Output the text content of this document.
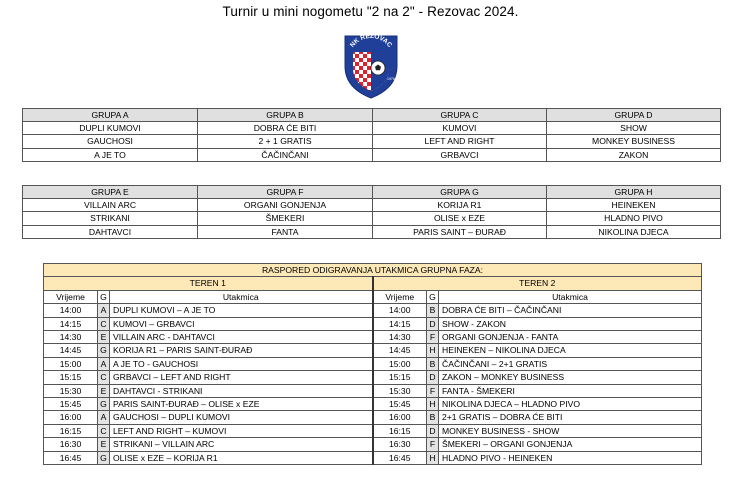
Turnir u mini nogometu "2 na 2" - Rezovac 2024.
NK REZOVAC
1976
GRUPA A	GRUPA B	GRUPA C	GRUPA D
DUPLI KUMOVI	DOBRA ĆE BITI	KUMOVI	SHOW
GAUCHOSI	2 + 1 GRATIS	LEFT AND RIGHT	MONKEY BUSINESS
A JE TO	ČAČINČANI	GRBAVCI	ZAKON
GRUPA E	GRUPA F	GRUPA G	GRUPA H
VILLAIN ARC	ORGANI GONJENJA	KORIJA R1	HEINEKEN
STRIKANI	ŠMEKERI	OLISE x EZE	HLADNO PIVO
DAHTAVCI	FANTA	PARIS SAINT – ĐURAĐ	NIKOLINA DJECA
RASPORED ODIGRAVANJA UTAKMICA GRUPNA FAZA:					
TEREN 1			TEREN 2		
Vrijeme	G	Utakmica	Vrijeme	G	Utakmica
14:00	A	DUPLI KUMOVI – A JE TO	14:00	B	DOBRA ĆE BITI – ČAČINČANI
14:15	C	KUMOVI – GRBAVCI	14:15	D	SHOW - ZAKON
14:30	E	VILLAIN ARC - DAHTAVCI	14:30	F	ORGANI GONJENJA - FANTA
14:45	G	KORIJA R1 – PARIS SAINT-ĐURAĐ	14:45	H	HEINEKEN – NIKOLINA DJECA
15:00	A	A JE TO - GAUCHOSI	15:00	B	ČAČINČANI – 2+1 GRATIS
15:15	C	GRBAVCI – LEFT AND RIGHT	15:15	D	ZAKON – MONKEY BUSINESS
15:30	E	DAHTAVCI - STRIKANI	15:30	F	FANTA - ŠMEKERI
15:45	G	PARIS SAINT-ĐURAĐ – OLISE x EZE	15:45	H	NIKOLINA DJECA – HLADNO PIVO
16:00	A	GAUCHOSI – DUPLI KUMOVI	16:00	B	2+1 GRATIS – DOBRA ĆE BITI
16:15	C	LEFT AND RIGHT – KUMOVI	16:15	D	MONKEY BUSINESS - SHOW
16:30	E	STRIKANI – VILLAIN ARC	16:30	F	ŠMEKERI – ORGANI GONJENJA
16:45	G	OLISE x EZE – KORIJA R1	16:45	H	HLADNO PIVO - HEINEKEN
